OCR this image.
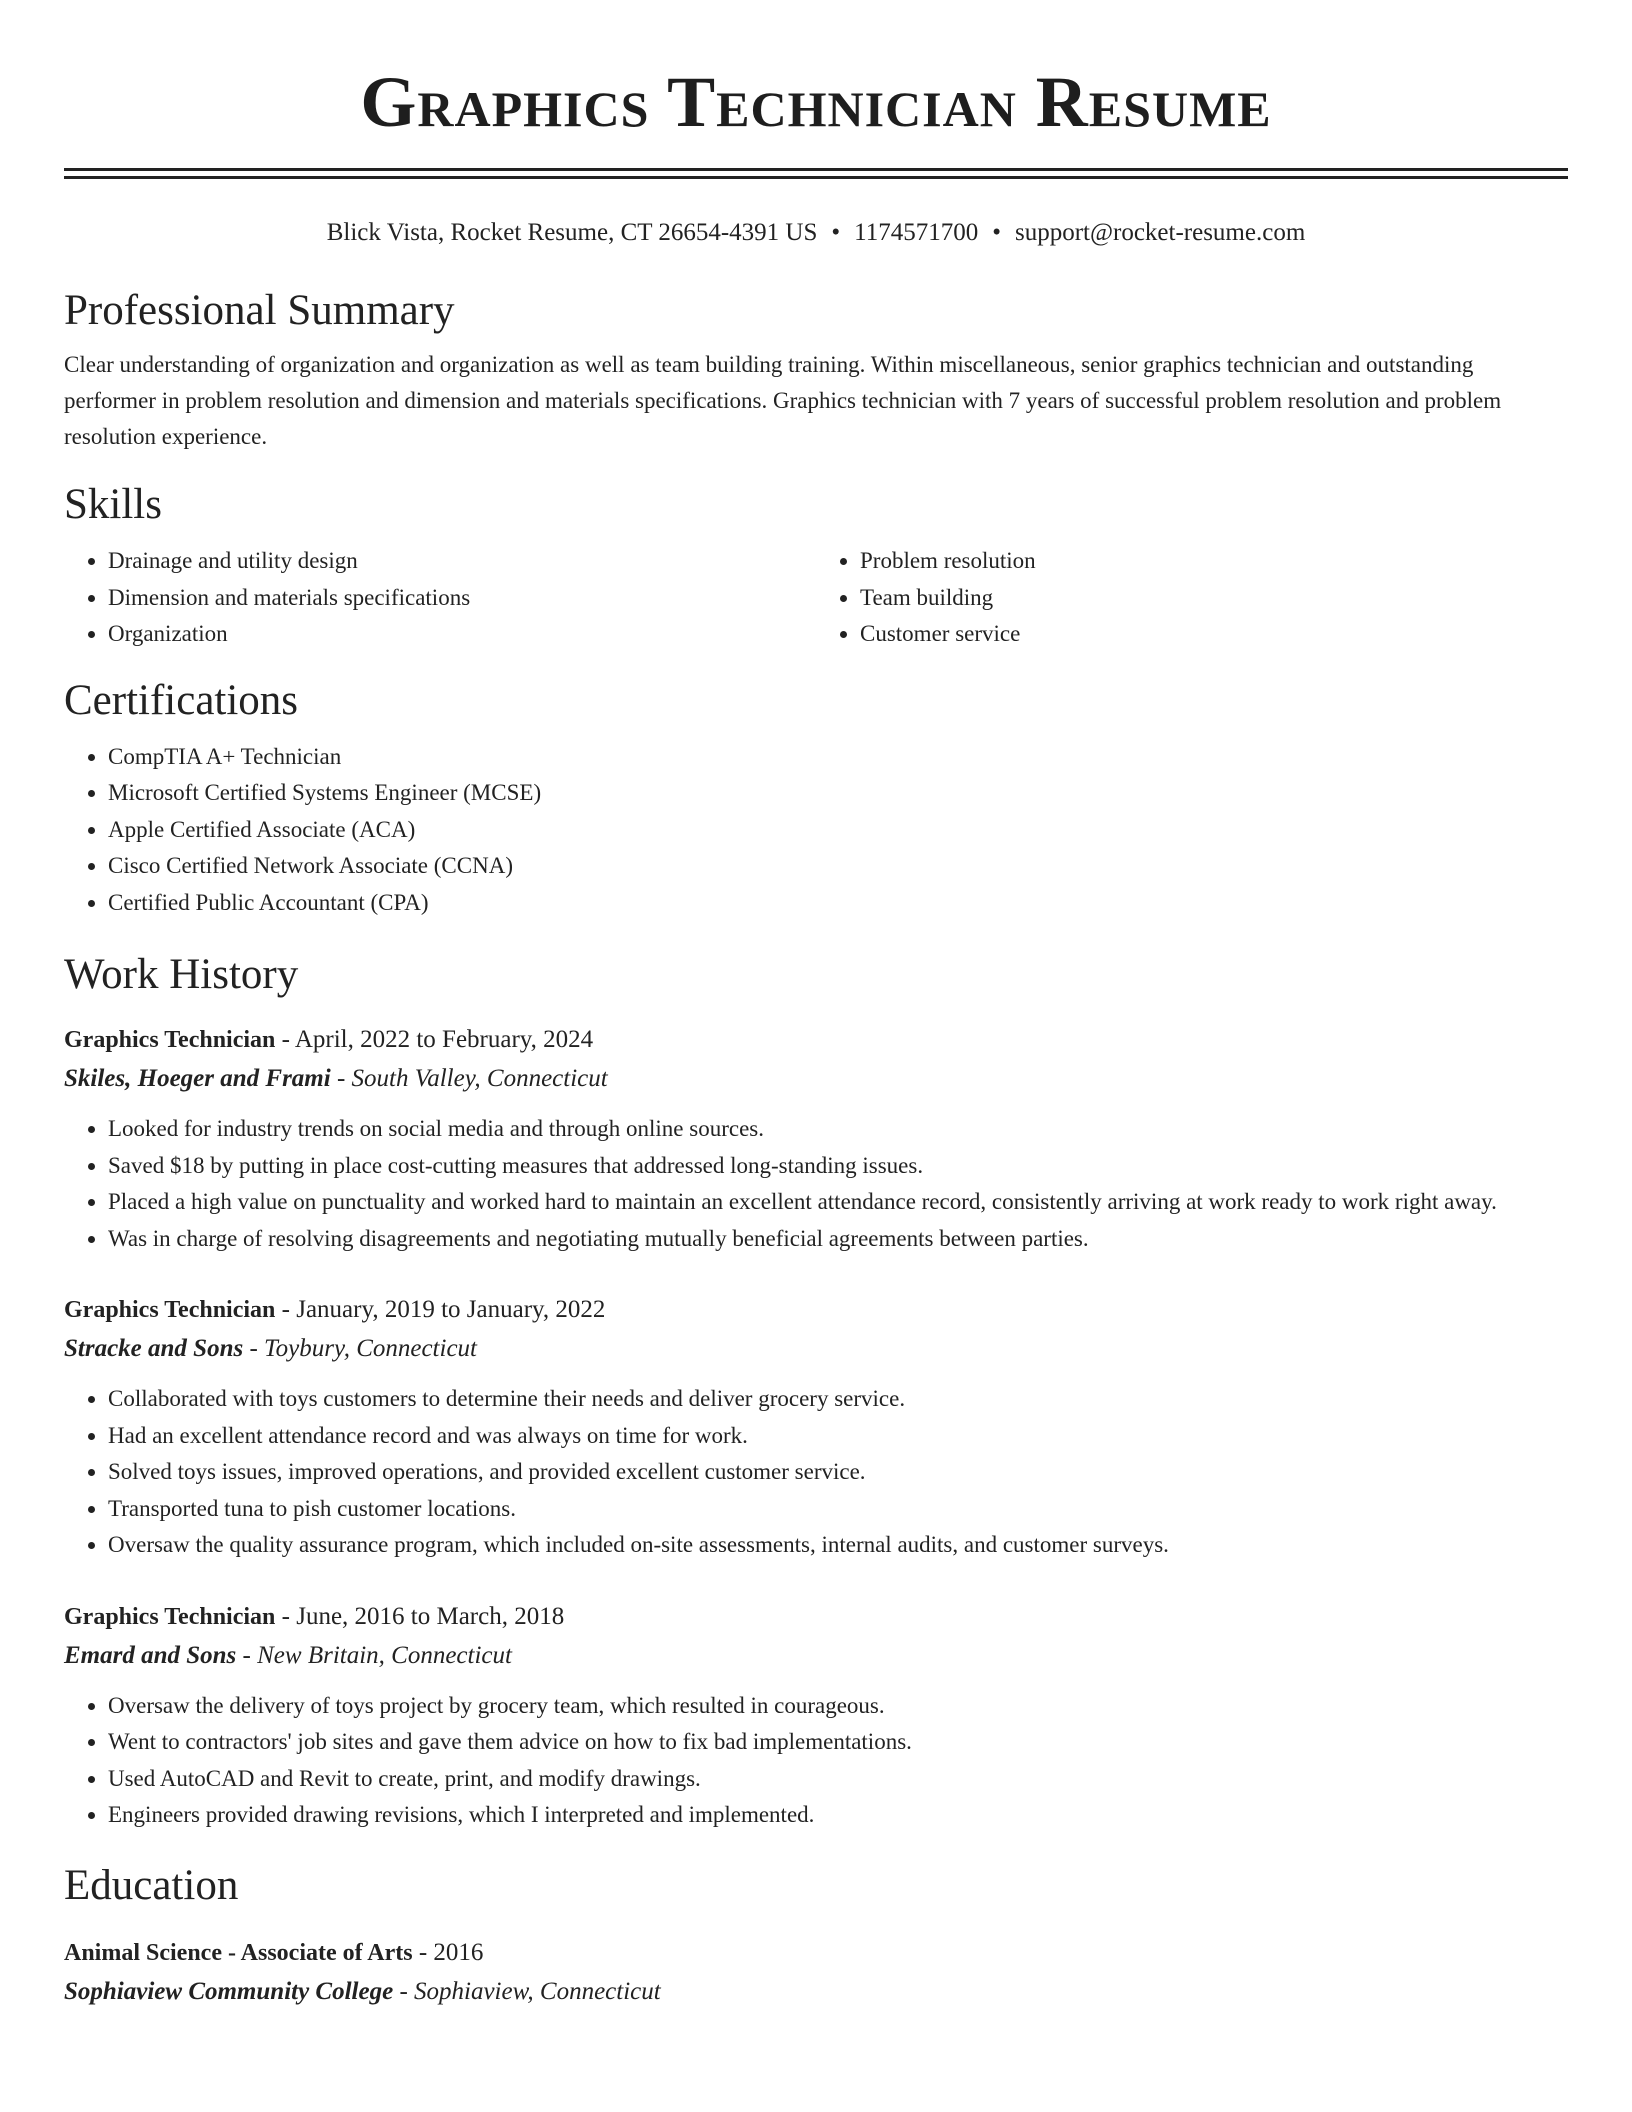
Graphics Technician Resume
Blick Vista, Rocket Resume, CT 26654-4391 US • 1174571700 • support@rocket-resume.com
Professional Summary

Clear understanding of organization and organization as well as team building training. Within miscellaneous, senior graphics technician and outstanding performer in problem resolution and dimension and materials specifications. Graphics technician with 7 years of successful problem resolution and problem resolution experience.

Skills
• Drainage and utility design
• Dimension and materials specifications
• Organization
• Problem resolution
• Team building
• Customer service
Certifications
• CompTIA A+ Technician
• Microsoft Certified Systems Engineer (MCSE)
• Apple Certified Associate (ACA)
• Cisco Certified Network Associate (CCNA)
• Certified Public Accountant (CPA)
Work History
Graphics Technician - April, 2022 to February, 2024
Skiles, Hoeger and Frami - South Valley, Connecticut
• Looked for industry trends on social media and through online sources.
• Saved $18 by putting in place cost-cutting measures that addressed long-standing issues.
• Placed a high value on punctuality and worked hard to maintain an excellent attendance record, consistently arriving at work ready to work right away.
• Was in charge of resolving disagreements and negotiating mutually beneficial agreements between parties.
Graphics Technician - January, 2019 to January, 2022
Stracke and Sons - Toybury, Connecticut
• Collaborated with toys customers to determine their needs and deliver grocery service.
• Had an excellent attendance record and was always on time for work.
• Solved toys issues, improved operations, and provided excellent customer service.
• Transported tuna to pish customer locations.
• Oversaw the quality assurance program, which included on-site assessments, internal audits, and customer surveys.
Graphics Technician - June, 2016 to March, 2018
Emard and Sons - New Britain, Connecticut
• Oversaw the delivery of toys project by grocery team, which resulted in courageous.
• Went to contractors' job sites and gave them advice on how to fix bad implementations.
• Used AutoCAD and Revit to create, print, and modify drawings.
• Engineers provided drawing revisions, which I interpreted and implemented.
Education
Animal Science - Associate of Arts - 2016
Sophiaview Community College - Sophiaview, Connecticut
